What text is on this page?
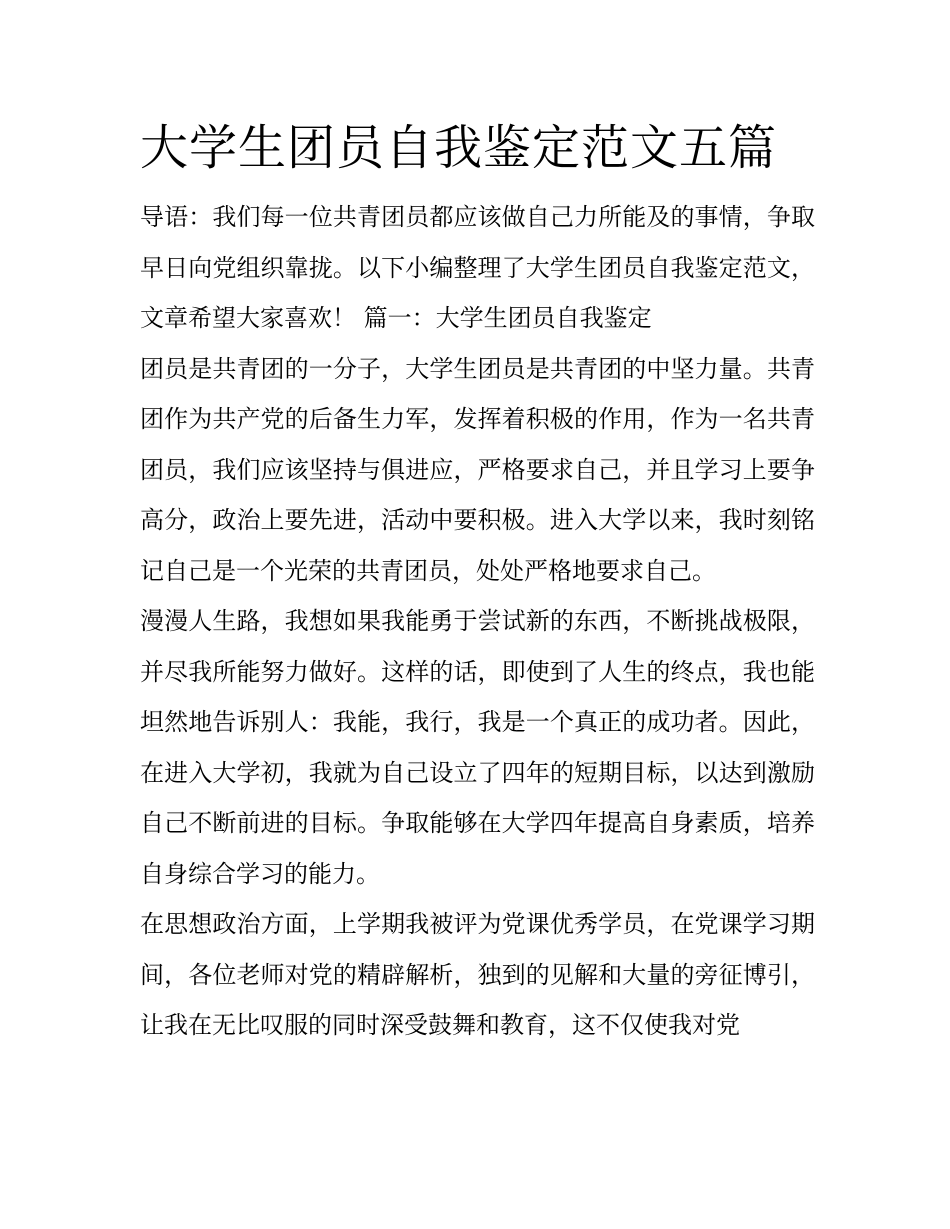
大学生团员自我鉴定范文五篇

导语：我们每一位共青团员都应该做自己力所能及的事情，争取早日向党组织靠拢。以下小编整理了大学生团员自我鉴定范文，文章希望大家喜欢！ 篇一：大学生团员自我鉴定

团员是共青团的一分子，大学生团员是共青团的中坚力量。共青团作为共产党的后备生力军，发挥着积极的作用，作为一名共青团员，我们应该坚持与俱进应，严格要求自己，并且学习上要争高分，政治上要先进，活动中要积极。进入大学以来，我时刻铭记自己是一个光荣的共青团员，处处严格地要求自己。

漫漫人生路，我想如果我能勇于尝试新的东西，不断挑战极限，并尽我所能努力做好。这样的话，即使到了人生的终点，我也能坦然地告诉别人：我能，我行，我是一个真正的成功者。因此，在进入大学初，我就为自己设立了四年的短期目标，以达到激励自己不断前进的目标。争取能够在大学四年提高自身素质，培养自身综合学习的能力。

在思想政治方面，上学期我被评为党课优秀学员，在党课学习期间，各位老师对党的精辟解析，独到的见解和大量的旁征博引，让我在无比叹服的同时深受鼓舞和教育，这不仅使我对党
